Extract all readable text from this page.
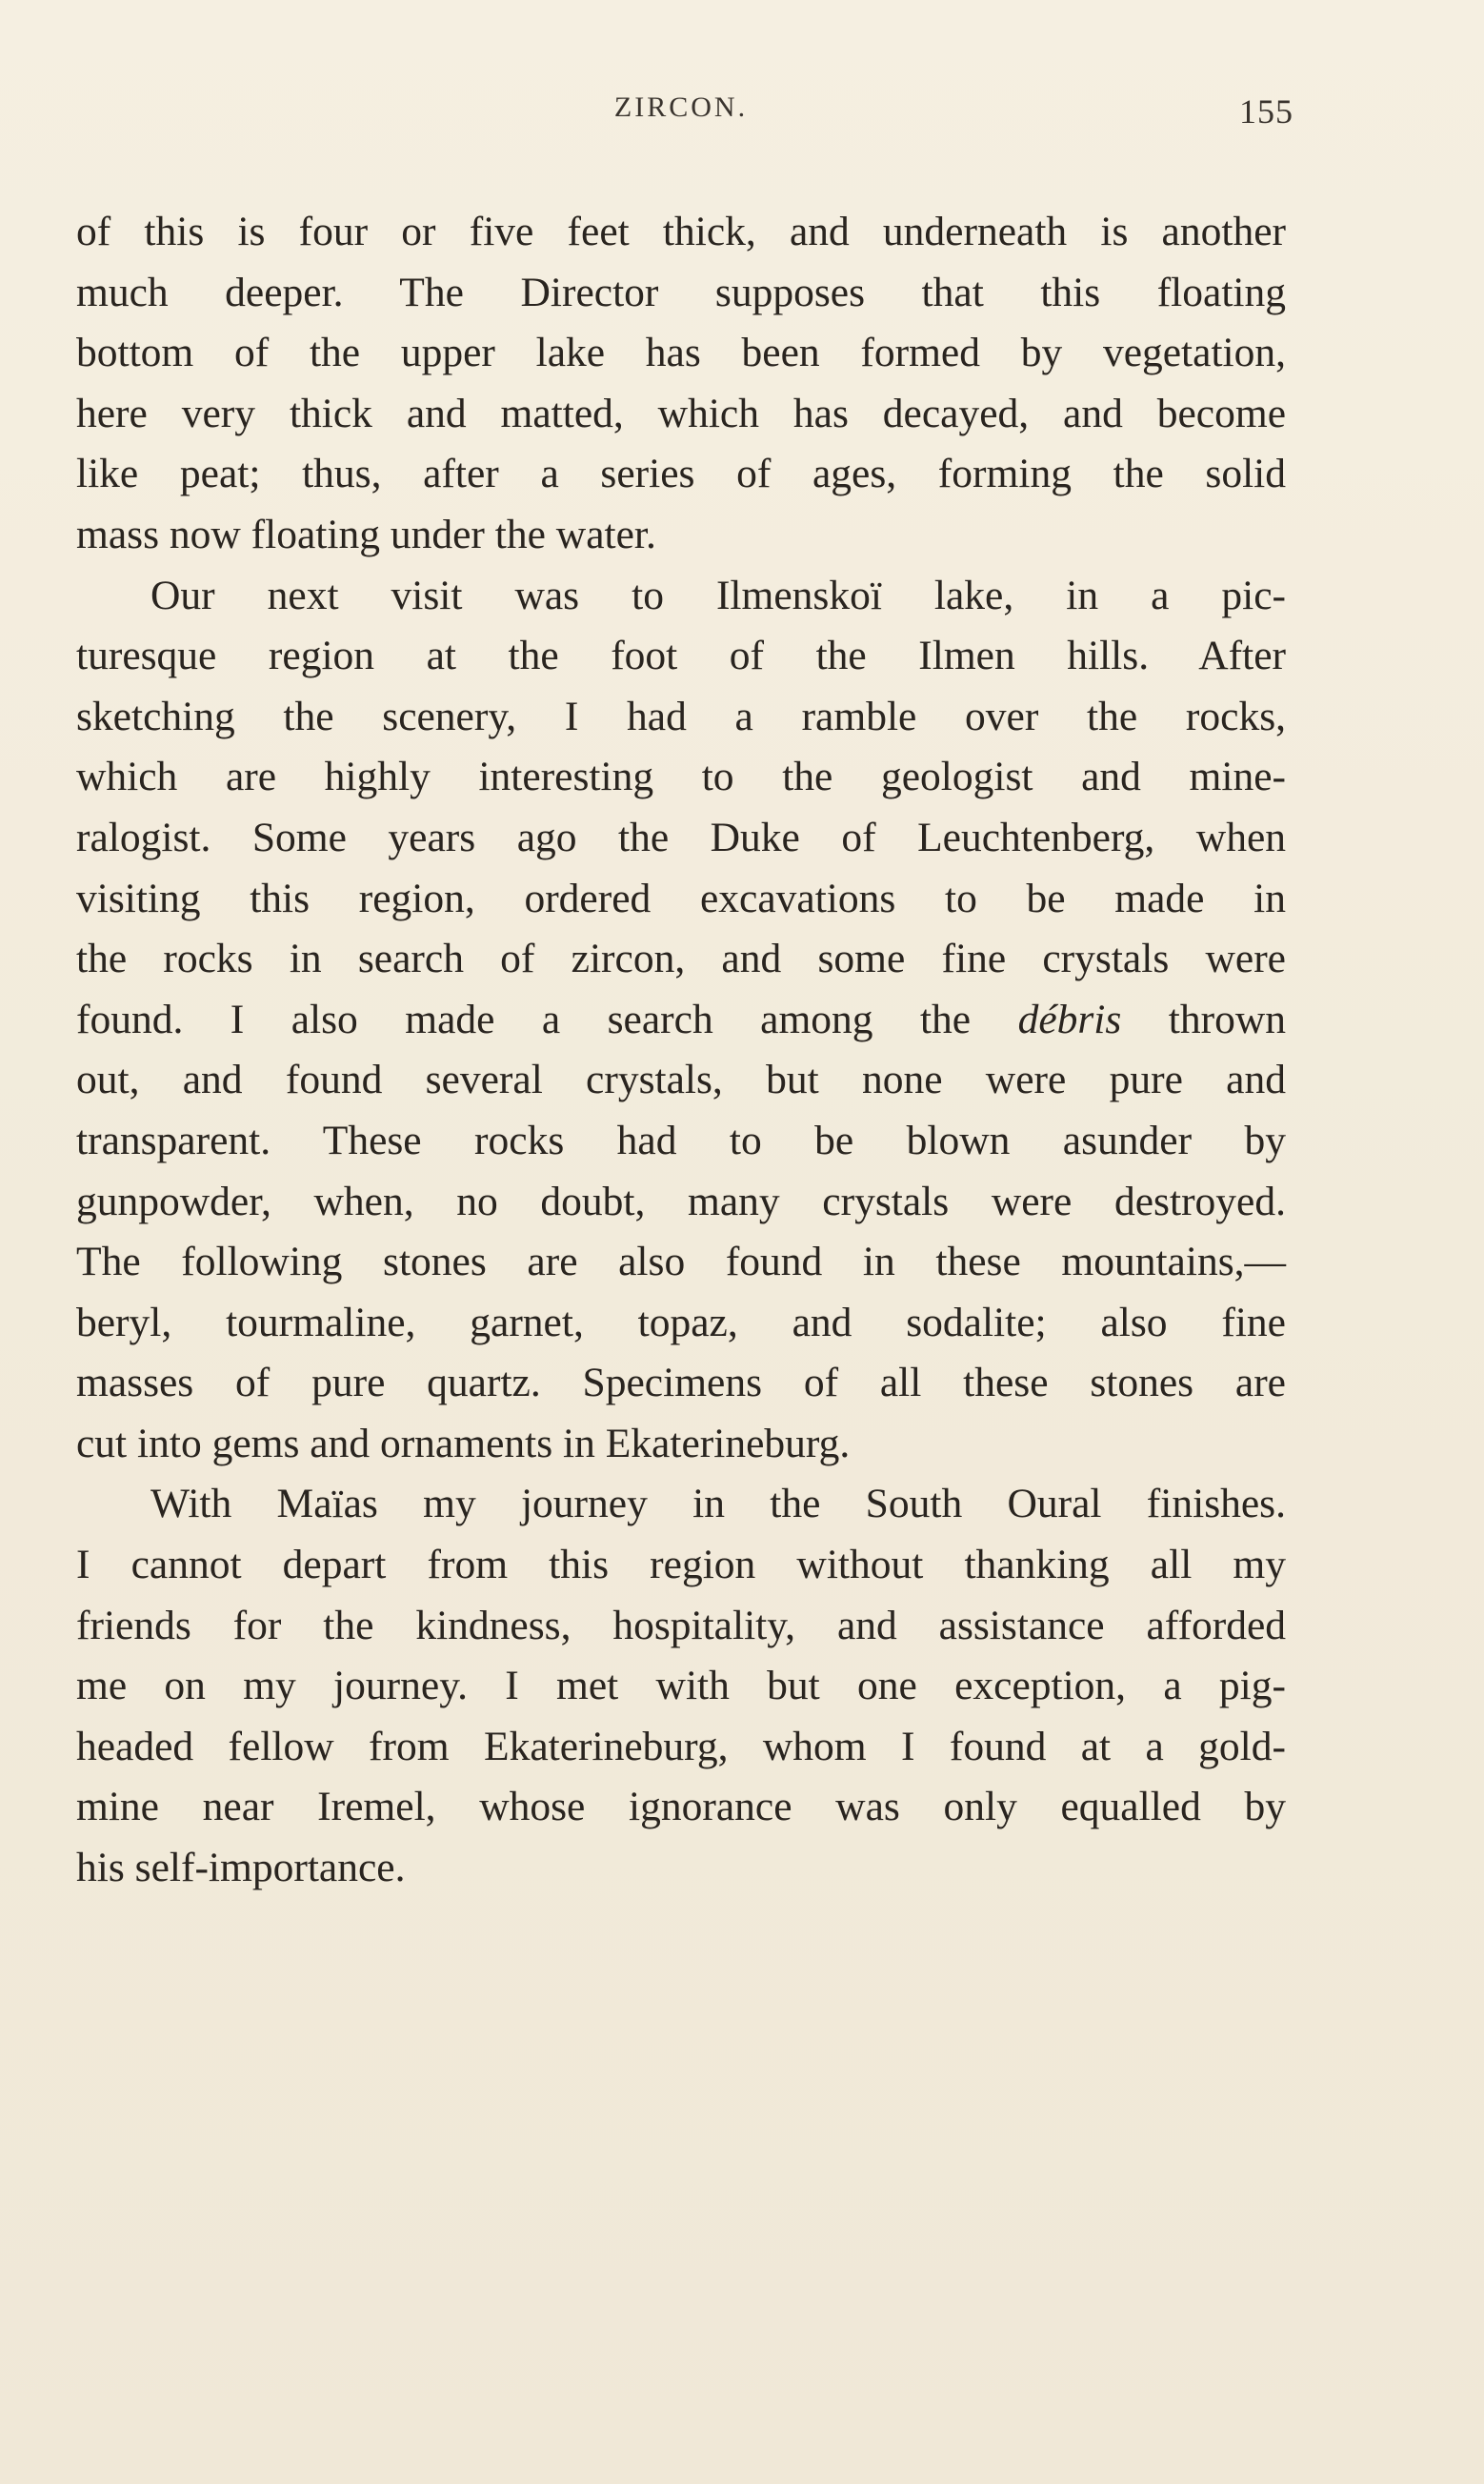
ZIRCON.	155
of this is four or five feet thick, and underneath is another
much deeper. The Director supposes that this floating
bottom of the upper lake has been formed by vegetation,
here very thick and matted, which has decayed, and become
like peat; thus, after a series of ages, forming the solid
mass now floating under the water.
Our next visit was to Ilmenskoï lake, in a pic-
turesque region at the foot of the Ilmen hills. After
sketching the scenery, I had a ramble over the rocks,
which are highly interesting to the geologist and mine-
ralogist. Some years ago the Duke of Leuchtenberg, when
visiting this region, ordered excavations to be made in
the rocks in search of zircon, and some fine crystals were
found. I also made a search among the débris thrown
out, and found several crystals, but none were pure and
transparent. These rocks had to be blown asunder by
gunpowder, when, no doubt, many crystals were destroyed.
The following stones are also found in these mountains,—
beryl, tourmaline, garnet, topaz, and sodalite; also fine
masses of pure quartz. Specimens of all these stones are
cut into gems and ornaments in Ekaterineburg.
With Maïas my journey in the South Oural finishes.
I cannot depart from this region without thanking all my
friends for the kindness, hospitality, and assistance afforded
me on my journey. I met with but one exception, a pig-
headed fellow from Ekaterineburg, whom I found at a gold-
mine near Iremel, whose ignorance was only equalled by
his self-importance.
